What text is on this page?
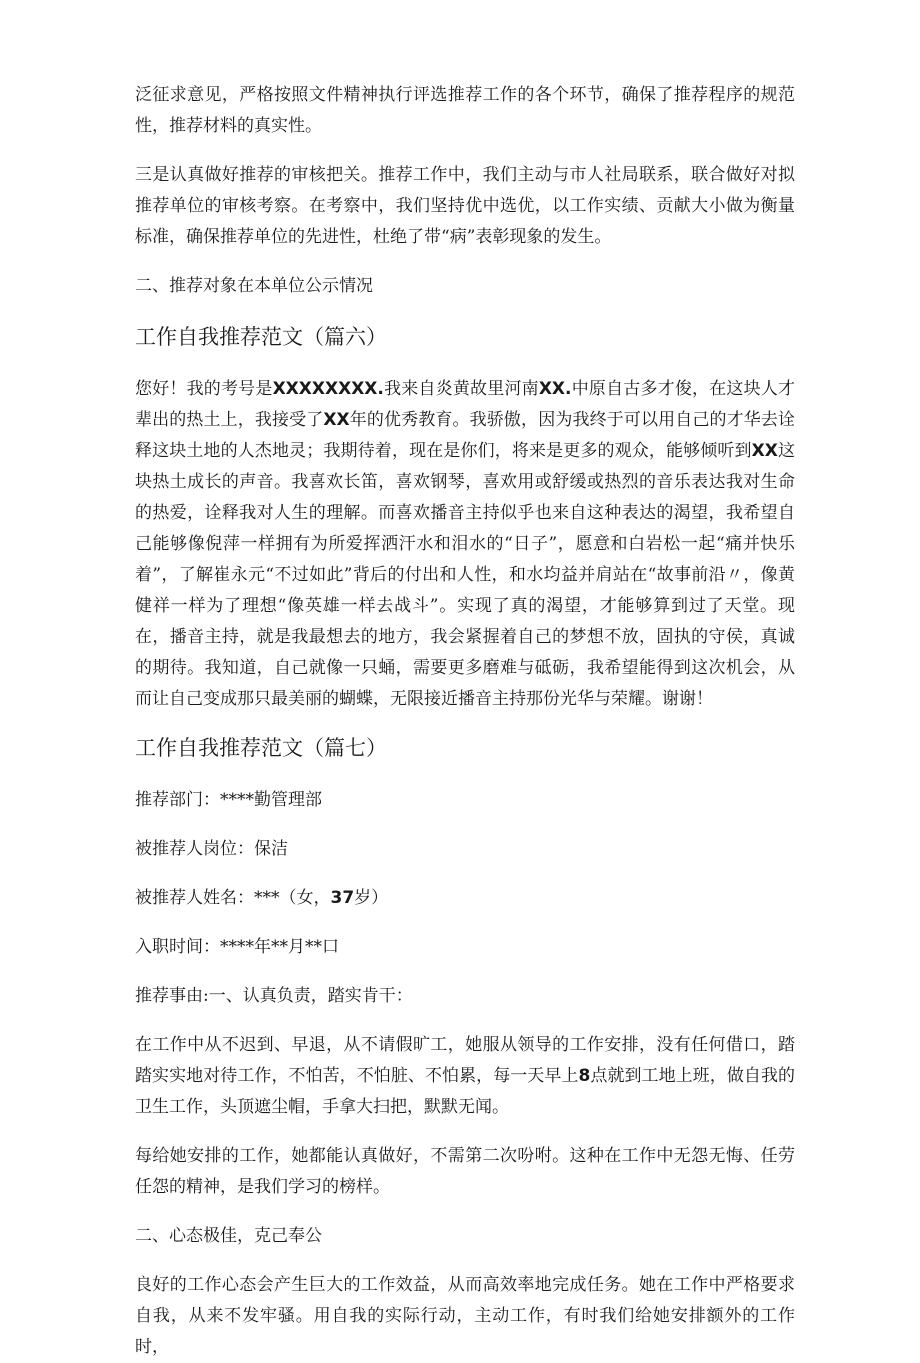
泛征求意见，严格按照文件精神执行评选推荐工作的各个环节，确保了推荐程序的规范性，推荐材料的真实性。

三是认真做好推荐的审核把关。推荐工作中，我们主动与市人社局联系，联合做好对拟推荐单位的审核考察。在考察中，我们坚持优中选优，以工作实绩、贡献大小做为衡量标准，确保推荐单位的先进性，杜绝了带“病”表彰现象的发生。

二、推荐对象在本单位公示情况
工作自我推荐范文（篇六）

您好！我的考号是XXXXXXXX.我来自炎黄故里河南XX.中原自古多才俊，在这块人才辈出的热土上，我接受了XX年的优秀教育。我骄傲，因为我终于可以用自己的才华去诠释这块土地的人杰地灵；我期待着，现在是你们，将来是更多的观众，能够倾听到XX这块热土成长的声音。我喜欢长笛，喜欢钢琴，喜欢用或舒缓或热烈的音乐表达我对生命的热爱，诠释我对人生的理解。而喜欢播音主持似乎也来自这种表达的渴望，我希望自己能够像倪萍一样拥有为所爱挥洒汗水和泪水的“日子”，愿意和白岩松一起“痛并快乐着”，了解崔永元“不过如此”背后的付出和人性，和水均益并肩站在“故事前沿〃，像黄健祥一样为了理想“像英雄一样去战斗”。实现了真的渴望，才能够算到过了天堂。现在，播音主持，就是我最想去的地方，我会紧握着自己的梦想不放，固执的守侯，真诚的期待。我知道，自己就像一只蛹，需要更多磨难与砥砺，我希望能得到这次机会，从而让自己变成那只最美丽的蝴蝶，无限接近播音主持那份光华与荣耀。谢谢！

工作自我推荐范文（篇七）

推荐部门：****勤管理部

被推荐人岗位：保洁

被推荐人姓名：***（女，37岁）

入职时间：****年**月**口

推荐事由:一、认真负责，踏实肯干：

在工作中从不迟到、早退，从不请假旷工，她服从领导的工作安排，没有任何借口，踏踏实实地对待工作，不怕苦，不怕脏、不怕累，每一天早上8点就到工地上班，做自我的卫生工作，头顶遮尘帽，手拿大扫把，默默无闻。

每给她安排的工作，她都能认真做好，不需第二次吩咐。这种在工作中无怨无悔、任劳任怨的精神，是我们学习的榜样。

二、心态极佳，克己奉公

良好的工作心态会产生巨大的工作效益，从而高效率地完成任务。她在工作中严格要求自我，从来不发牢骚。用自我的实际行动，主动工作，有时我们给她安排额外的工作时，
